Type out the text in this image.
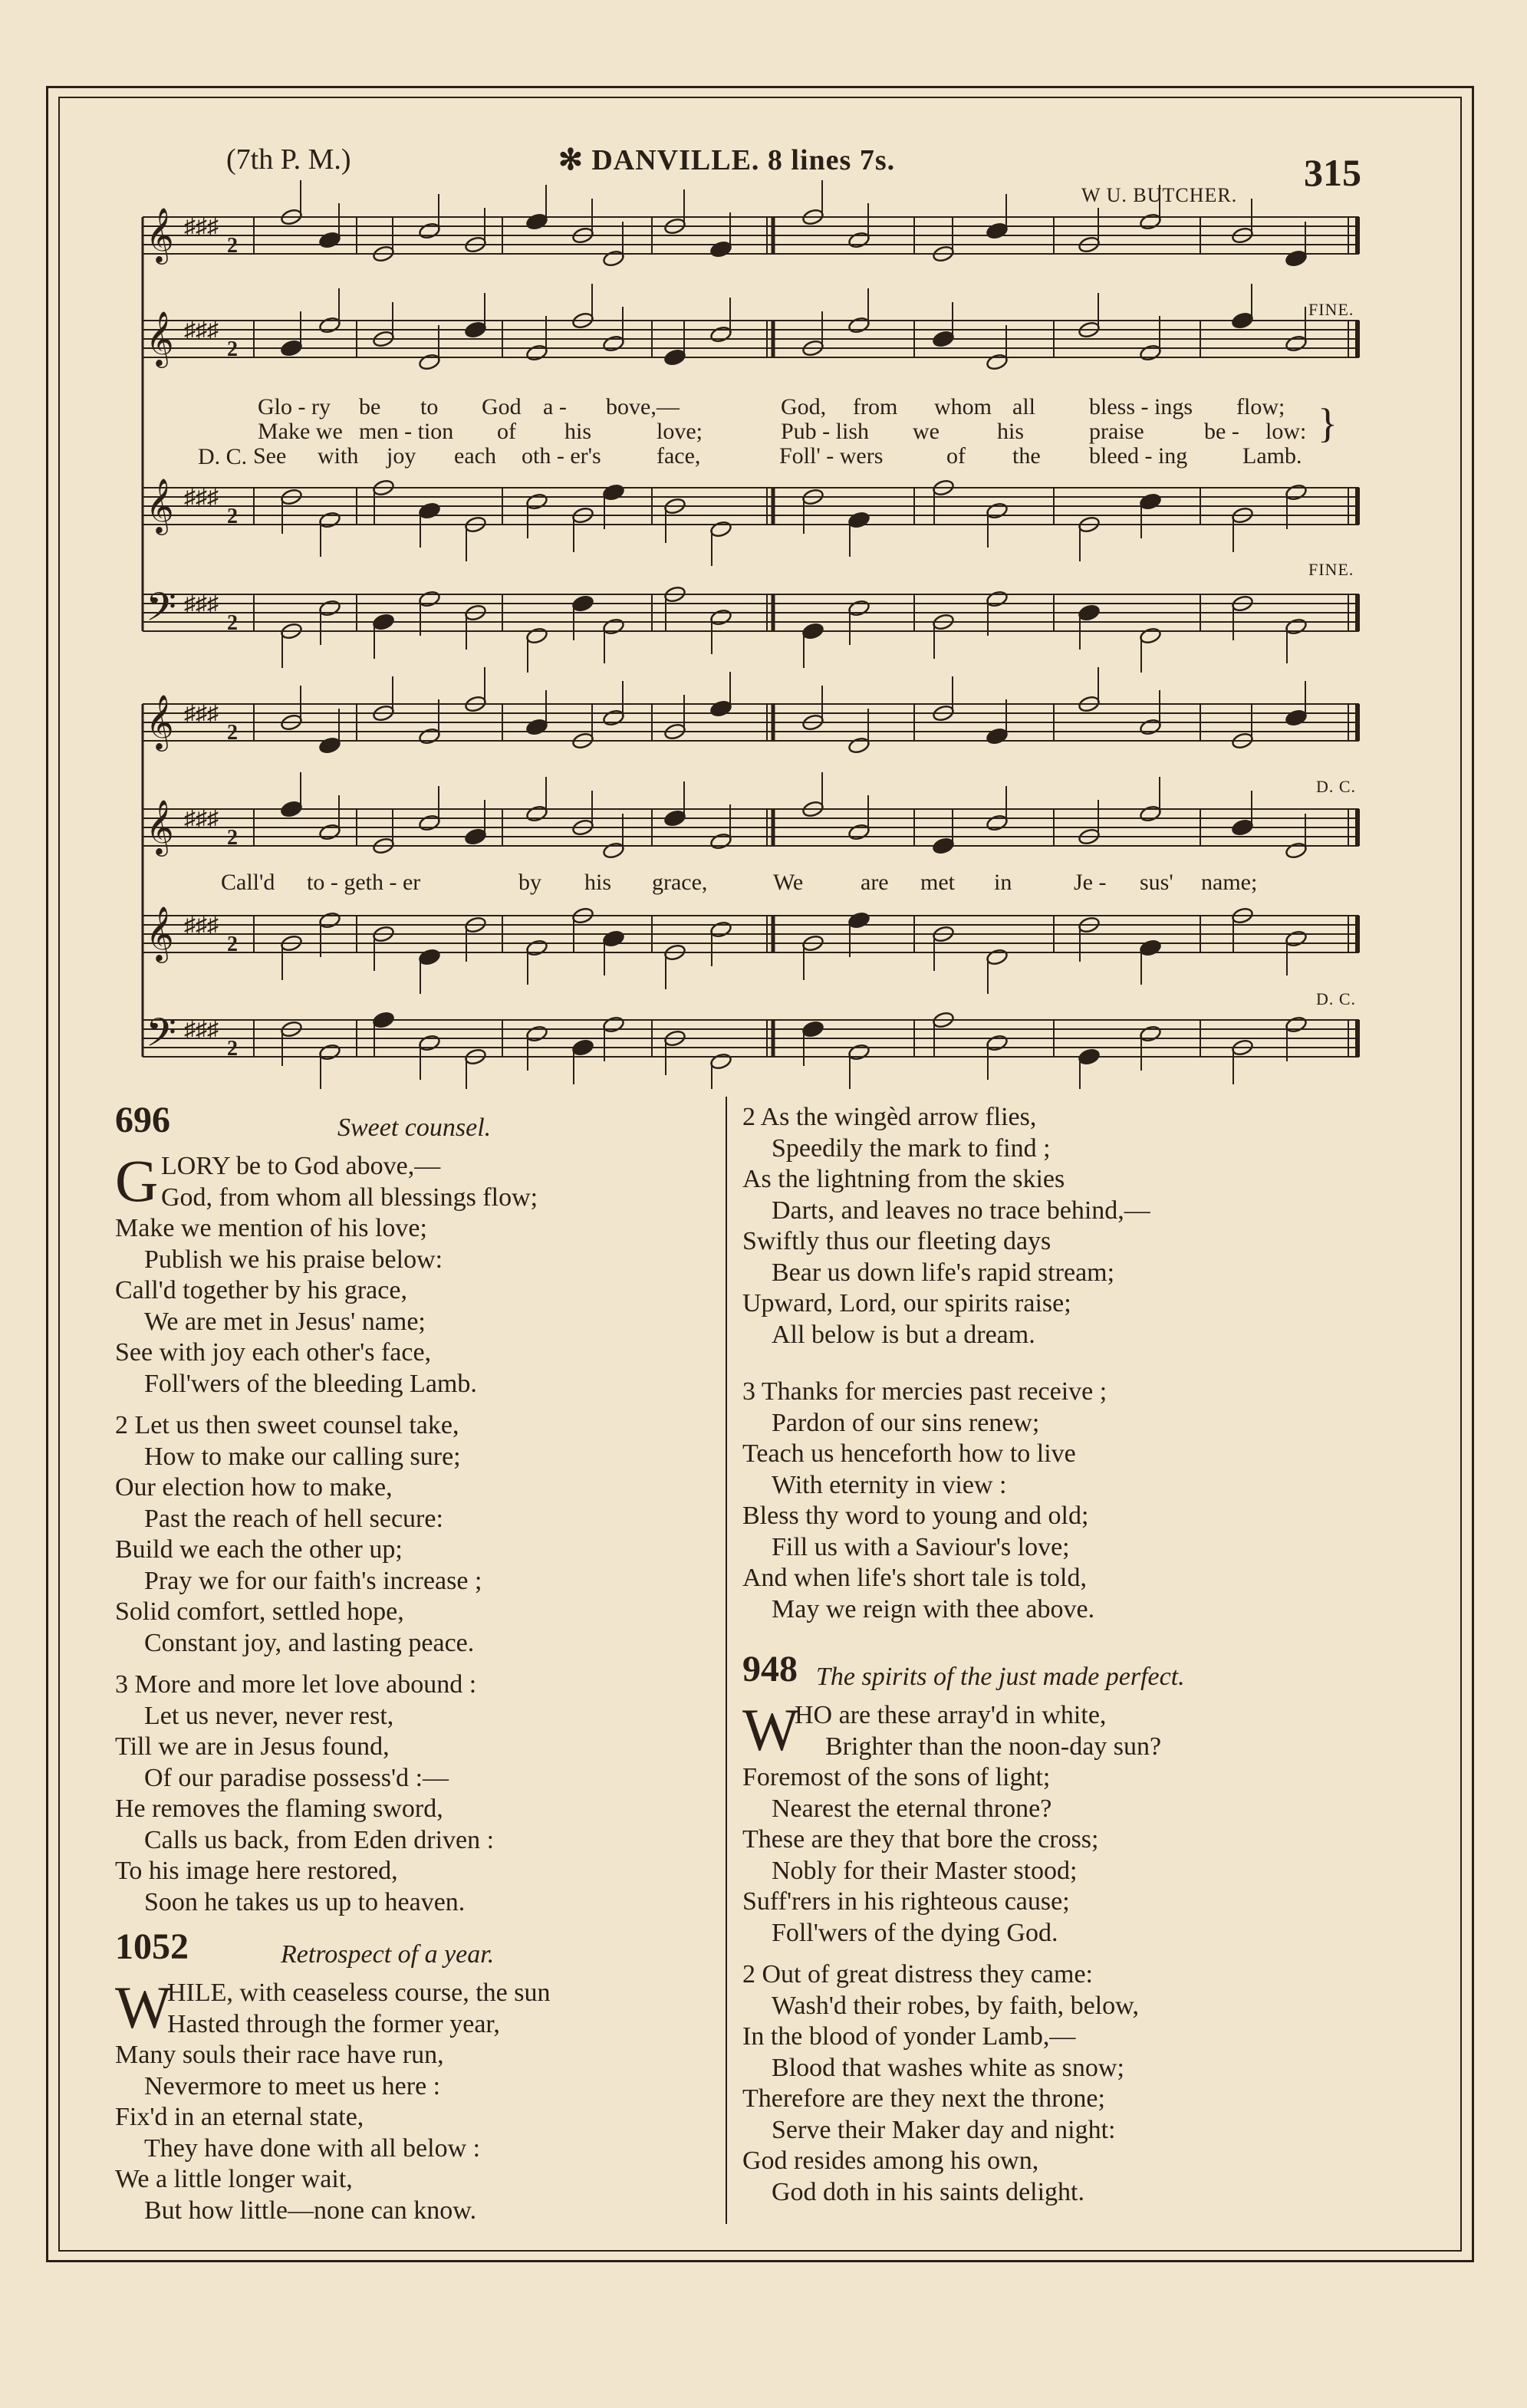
(7th P. M.)	✻ DANVILLE. 8 lines 7s.	315
W U. BUTCHER.
𝄞 ♯♯♯
2
𝄞 ♯♯♯
2
𝄞 ♯♯♯
2
𝄢 ♯♯♯
2
𝄞 ♯♯♯
2
𝄞 ♯♯♯
2
𝄞 ♯♯♯
2
𝄢 ♯♯♯
2
FINE.
FINE.
D. C.
D. C.
D. C.
Glo - ry be to God a - bove,—	God, from whom all bless - ings flow;
Make we men - tion of his	love;	Pub - lish we	his	praise	be - low:
See with joy each oth - er's face,	Foll' - wers	of the bleed - ing Lamb.
}
Call'd to - geth - er	by his grace,	We are met in	Je - sus' name;
696	Sweet counsel.
G LORY be to God above,—
God, from whom all blessings flow;
Make we mention of his love;
Publish we his praise below:
Call'd together by his grace,
We are met in Jesus' name;
See with joy each other's face,
Foll'wers of the bleeding Lamb.
2 Let us then sweet counsel take,
How to make our calling sure;
Our election how to make,
Past the reach of hell secure:
Build we each the other up;
Pray we for our faith's increase ;
Solid comfort, settled hope,
Constant joy, and lasting peace.
3 More and more let love abound :
Let us never, never rest,
Till we are in Jesus found,
Of our paradise possess'd :—
He removes the flaming sword,
Calls us back, from Eden driven :
To his image here restored,
Soon he takes us up to heaven.
1052	Retrospect of a year.
W
HILE, with ceaseless course, the sun
Hasted through the former year,
Many souls their race have run,
Nevermore to meet us here :
Fix'd in an eternal state,
They have done with all below :
We a little longer wait,
But how little—none can know.
2 As the wingèd arrow flies,
Speedily the mark to find ;
As the lightning from the skies
Darts, and leaves no trace behind,—
Swiftly thus our fleeting days
Bear us down life's rapid stream;
Upward, Lord, our spirits raise;
All below is but a dream.
3 Thanks for mercies past receive ;
Pardon of our sins renew;
Teach us henceforth how to live
With eternity in view :
Bless thy word to young and old;
Fill us with a Saviour's love;
And when life's short tale is told,
May we reign with thee above.
948 The spirits of the just made perfect.
W
HO are these array'd in white,
Brighter than the noon-day sun?
Foremost of the sons of light;
Nearest the eternal throne?
These are they that bore the cross;
Nobly for their Master stood;
Suff'rers in his righteous cause;
Foll'wers of the dying God.
2 Out of great distress they came:
Wash'd their robes, by faith, below,
In the blood of yonder Lamb,—
Blood that washes white as snow;
Therefore are they next the throne;
Serve their Maker day and night:
God resides among his own,
God doth in his saints delight.
